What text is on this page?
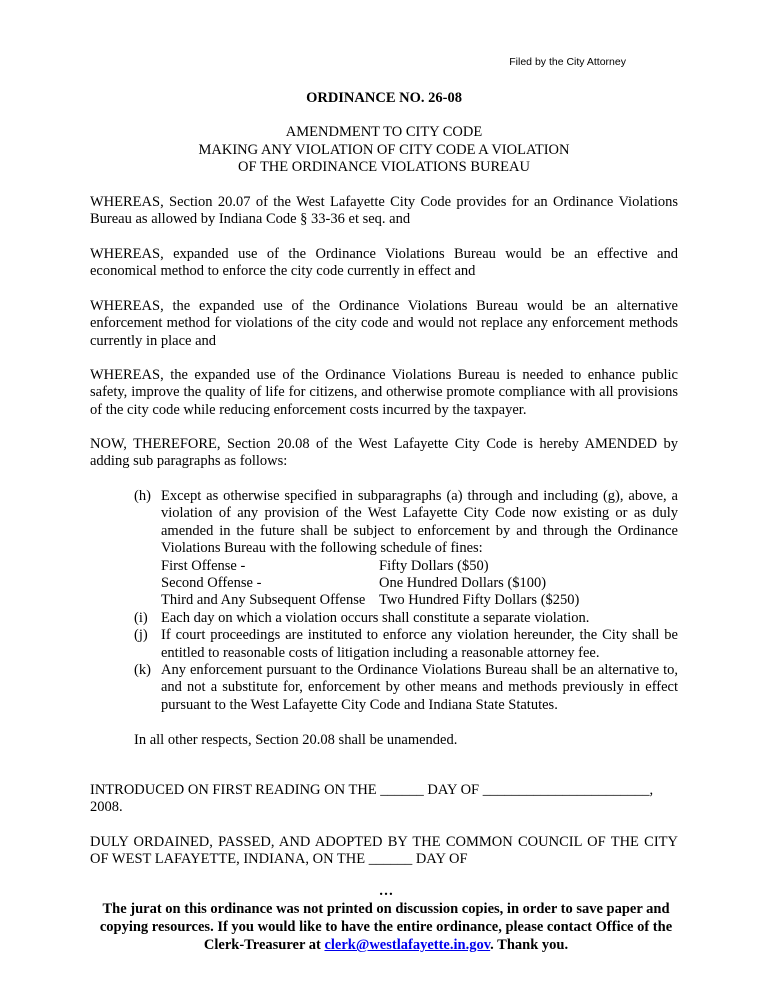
Filed by the City Attorney
ORDINANCE NO. 26-08
AMENDMENT TO CITY CODE
MAKING ANY VIOLATION OF CITY CODE A VIOLATION
OF THE ORDINANCE VIOLATIONS BUREAU
WHEREAS, Section 20.07 of the West Lafayette City Code provides for an Ordinance Violations Bureau as allowed by Indiana Code § 33-36 et seq. and
WHEREAS, expanded use of the Ordinance Violations Bureau would be an effective and economical method to enforce the city code currently in effect and
WHEREAS, the expanded use of the Ordinance Violations Bureau would be an alternative enforcement method for violations of the city code and would not replace any enforcement methods currently in place and
WHEREAS, the expanded use of the Ordinance Violations Bureau is needed to enhance public safety, improve the quality of life for citizens, and otherwise promote compliance with all provisions of the city code while reducing enforcement costs incurred by the taxpayer.
NOW, THEREFORE, Section 20.08 of the West Lafayette City Code is hereby AMENDED by adding sub paragraphs as follows:
(h) Except as otherwise specified in subparagraphs (a) through and including (g), above, a violation of any provision of the West Lafayette City Code now existing or as duly amended in the future shall be subject to enforcement by and through the Ordinance Violations Bureau with the following schedule of fines:
First Offense -	Fifty Dollars ($50)
Second Offense -	One Hundred Dollars ($100)
Third and Any Subsequent Offense Two Hundred Fifty Dollars ($250)
(i) Each day on which a violation occurs shall constitute a separate violation.
(j) If court proceedings are instituted to enforce any violation hereunder, the City shall be entitled to reasonable costs of litigation including a reasonable attorney fee.
(k) Any enforcement pursuant to the Ordinance Violations Bureau shall be an alternative to, and not a substitute for, enforcement by other means and methods previously in effect pursuant to the West Lafayette City Code and Indiana State Statutes.
In all other respects, Section 20.08 shall be unamended.
INTRODUCED ON FIRST READING ON THE ______ DAY OF _______________________,
2008.
DULY ORDAINED, PASSED, AND ADOPTED BY THE COMMON COUNCIL OF THE CITY OF WEST LAFAYETTE, INDIANA, ON THE ______ DAY OF
…
The jurat on this ordinance was not printed on discussion copies, in order to save paper and copying resources. If you would like to have the entire ordinance, please contact Office of the Clerk-Treasurer at clerk@westlafayette.in.gov. Thank you.
